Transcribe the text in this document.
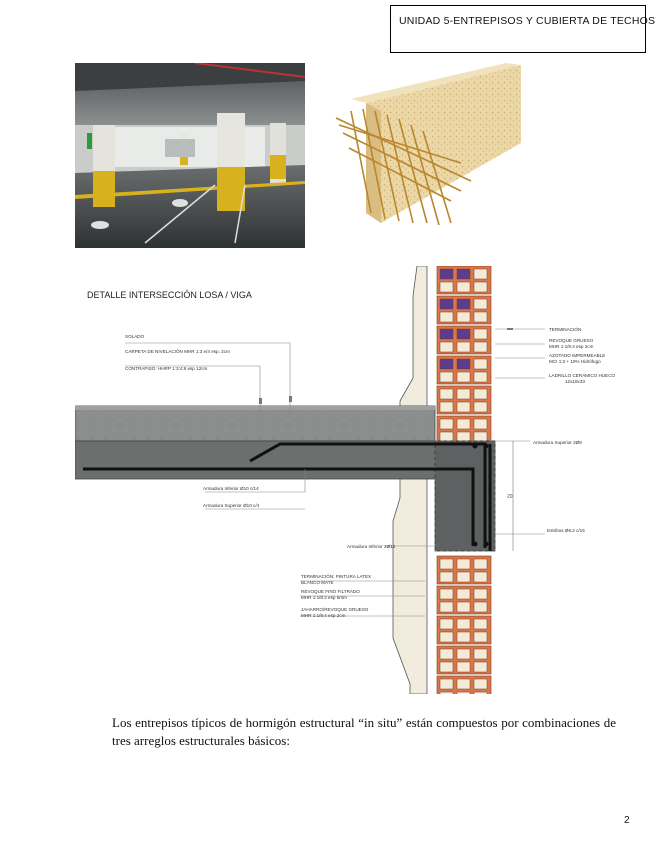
UNIDAD 5-ENTREPISOS Y CUBIERTA DE TECHOS
20
DETALLE INTERSECCIÓN LOSA / VIGA
SOLADO
CARPETA DE NIVELACIÓN MHR 1:3 e/4 esp. 2cm
CONTRAPISO: HHRP 1:3:4:8 esp 12cm
TERMINACIÓN
REVOQUE GRUESO
MHR 1:1/8:4 esp 2cm
AZOTADO IMPERMEABLE
MCI 1:3 + 10% Hidrófugo
LADRILLO CERÁMICO HUECO
12x18x33
Armadura Superior 2Ø8
Armadura Inferior Ø10 c/14
Armadura Superior Ø10 c/4
Estribos Ø6.2 c/15
Armadura Inferior 2Ø12
TERMINACIÓN: PINTURA LATEX
BLANCO MATE
REVOQUE FINO FILTRADO
MHR 1:1/8:2 esp 5mm
JAHARRO/REVOQUE GRUESO
MHR 1:1/8:4 esp 2cm
Los entrepisos típicos de hormigón estructural “in situ” están compuestos por combinaciones de tres arreglos estructurales básicos:
2
